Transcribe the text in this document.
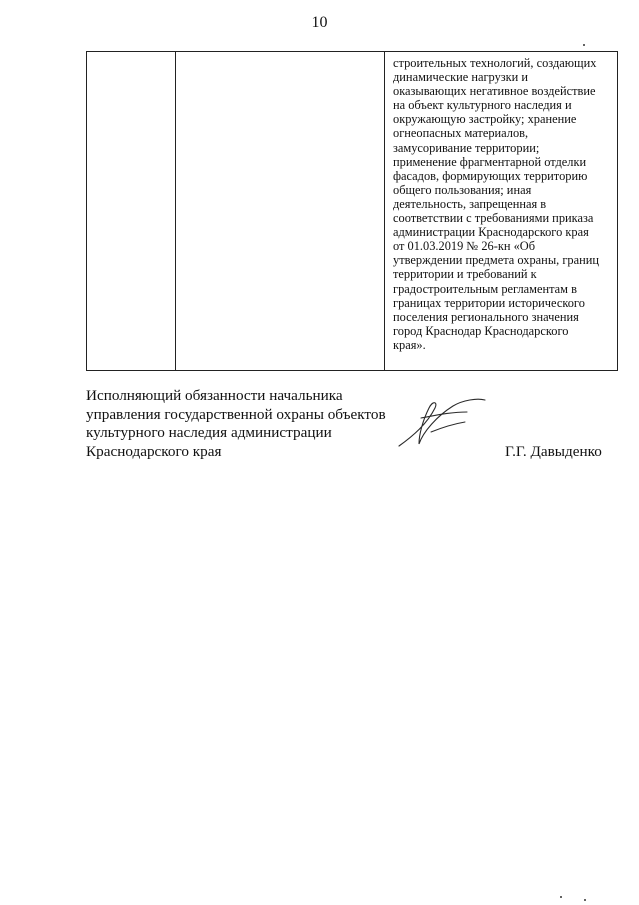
10

строительных технологий, создающих
динамические нагрузки и
оказывающих негативное воздействие
на объект культурного наследия и
окружающую застройку; хранение
огнеопасных материалов,
замусоривание территории;
применение фрагментарной отделки
фасадов, формирующих территорию
общего пользования; иная
деятельность, запрещенная в
соответствии с требованиями приказа
администрации Краснодарского края
от 01.03.2019 № 26-кн «Об
утверждении предмета охраны, границ
территории и требований к
градостроительным регламентам в
границах территории исторического
поселения регионального значения
город Краснодар Краснодарского
края».
Исполняющий обязанности начальника
управления государственной охраны объектов
культурного наследия администрации
Краснодарского края	Г.Г. Давыденко
